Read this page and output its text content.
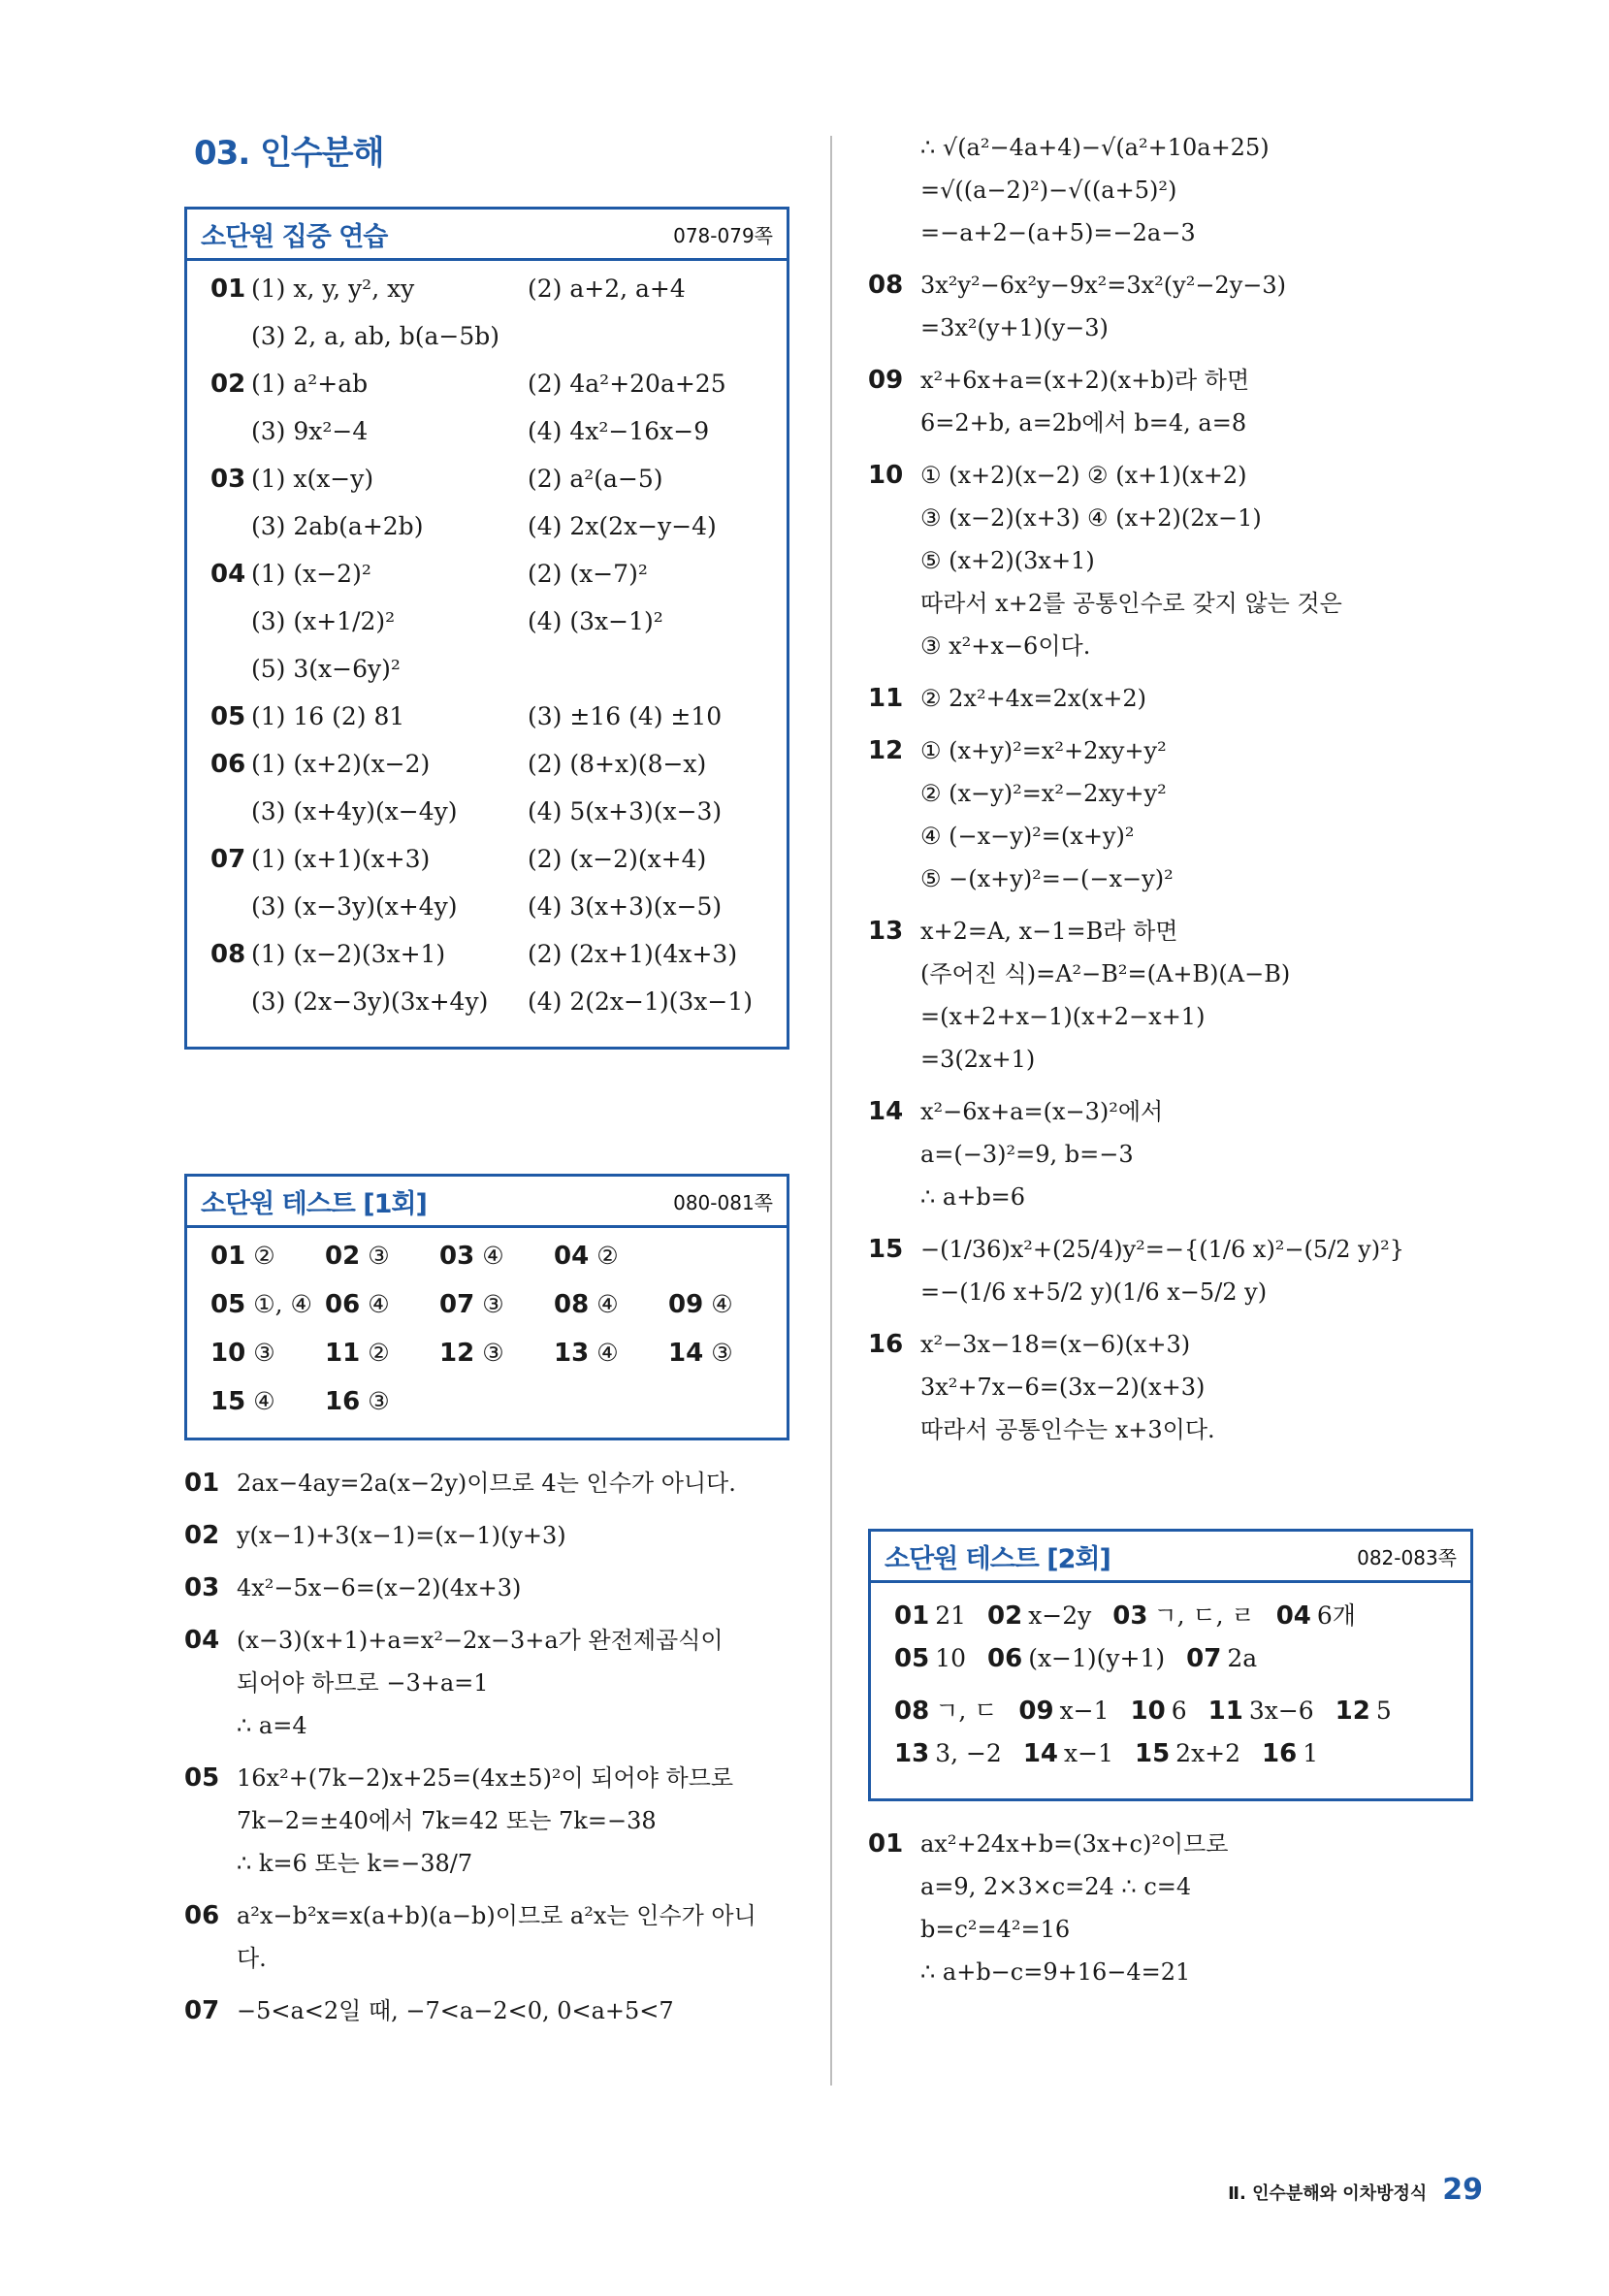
03. 인수분해
소단원 집중 연습	078-079쪽
01 (1) x, y, y², xy	(2) a+2, a+4
(3) 2, a, ab, b(a−5b)
02 (1) a²+ab	(2) 4a²+20a+25
(3) 9x²−4	(4) 4x²−16x−9
03 (1) x(x−y)	(2) a²(a−5)
(3) 2ab(a+2b)	(4) 2x(2x−y−4)
04 (1) (x−2)²	(2) (x−7)²
(3) (x+1/2)²	(4) (3x−1)²
(5) 3(x−6y)²
05 (1) 16 (2) 81	(3) ±16 (4) ±10
06 (1) (x+2)(x−2)	(2) (8+x)(8−x)
(3) (x+4y)(x−4y)	(4) 5(x+3)(x−3)
07 (1) (x+1)(x+3)	(2) (x−2)(x+4)
(3) (x−3y)(x+4y)	(4) 3(x+3)(x−5)
08 (1) (x−2)(3x+1)	(2) (2x+1)(4x+3)
(3) (2x−3y)(3x+4y)	(4) 2(2x−1)(3x−1)
소단원 테스트 [1회]	080-081쪽
01 ② 02 ③ 03 ④ 04 ②
05 ①, ④ 06 ④ 07 ③ 08 ④ 09 ④
10 ③ 11 ② 12 ③ 13 ④ 14 ③
15 ④ 16 ③
01 2ax−4ay=2a(x−2y)이므로 4는 인수가 아니다.
02 y(x−1)+3(x−1)=(x−1)(y+3)
03 4x²−5x−6=(x−2)(4x+3)
04 (x−3)(x+1)+a=x²−2x−3+a가 완전제곱식이
되어야 하므로 −3+a=1
∴ a=4
05 16x²+(7k−2)x+25=(4x±5)²이 되어야 하므로
7k−2=±40에서 7k=42 또는 7k=−38
∴ k=6 또는 k=−38/7
06 a²x−b²x=x(a+b)(a−b)이므로 a²x는 인수가 아니
다.
07 −5<a<2일 때, −7<a−2<0, 0<a+5<7
∴ √(a²−4a+4)−√(a²+10a+25)
=√((a−2)²)−√((a+5)²)
=−a+2−(a+5)=−2a−3
08 3x²y²−6x²y−9x²=3x²(y²−2y−3)
=3x²(y+1)(y−3)
09 x²+6x+a=(x+2)(x+b)라 하면
6=2+b, a=2b에서 b=4, a=8
10 ① (x+2)(x−2) ② (x+1)(x+2)
③ (x−2)(x+3) ④ (x+2)(2x−1)
⑤ (x+2)(3x+1)
따라서 x+2를 공통인수로 갖지 않는 것은
③ x²+x−6이다.
11 ② 2x²+4x=2x(x+2)
12 ① (x+y)²=x²+2xy+y²
② (x−y)²=x²−2xy+y²
④ (−x−y)²=(x+y)²
⑤ −(x+y)²=−(−x−y)²
13 x+2=A, x−1=B라 하면
(주어진 식)=A²−B²=(A+B)(A−B)
=(x+2+x−1)(x+2−x+1)
=3(2x+1)
14 x²−6x+a=(x−3)²에서
a=(−3)²=9, b=−3
∴ a+b=6
15 −(1/36)x²+(25/4)y²=−{(1/6 x)²−(5/2 y)²}
=−(1/6 x+5/2 y)(1/6 x−5/2 y)
16 x²−3x−18=(x−6)(x+3)
3x²+7x−6=(3x−2)(x+3)
따라서 공통인수는 x+3이다.
소단원 테스트 [2회]	082-083쪽
01 21 02 x−2y 03 ㄱ, ㄷ, ㄹ 04 6개
05 10 06 (x−1)(y+1) 07 2a
08 ㄱ, ㄷ 09 x−1 10 6 11 3x−6 12 5
13 3, −2 14 x−1 15 2x+2 16 1
01 ax²+24x+b=(3x+c)²이므로
a=9, 2×3×c=24 ∴ c=4
b=c²=4²=16
∴ a+b−c=9+16−4=21
Ⅱ. 인수분해와 이차방정식 29
